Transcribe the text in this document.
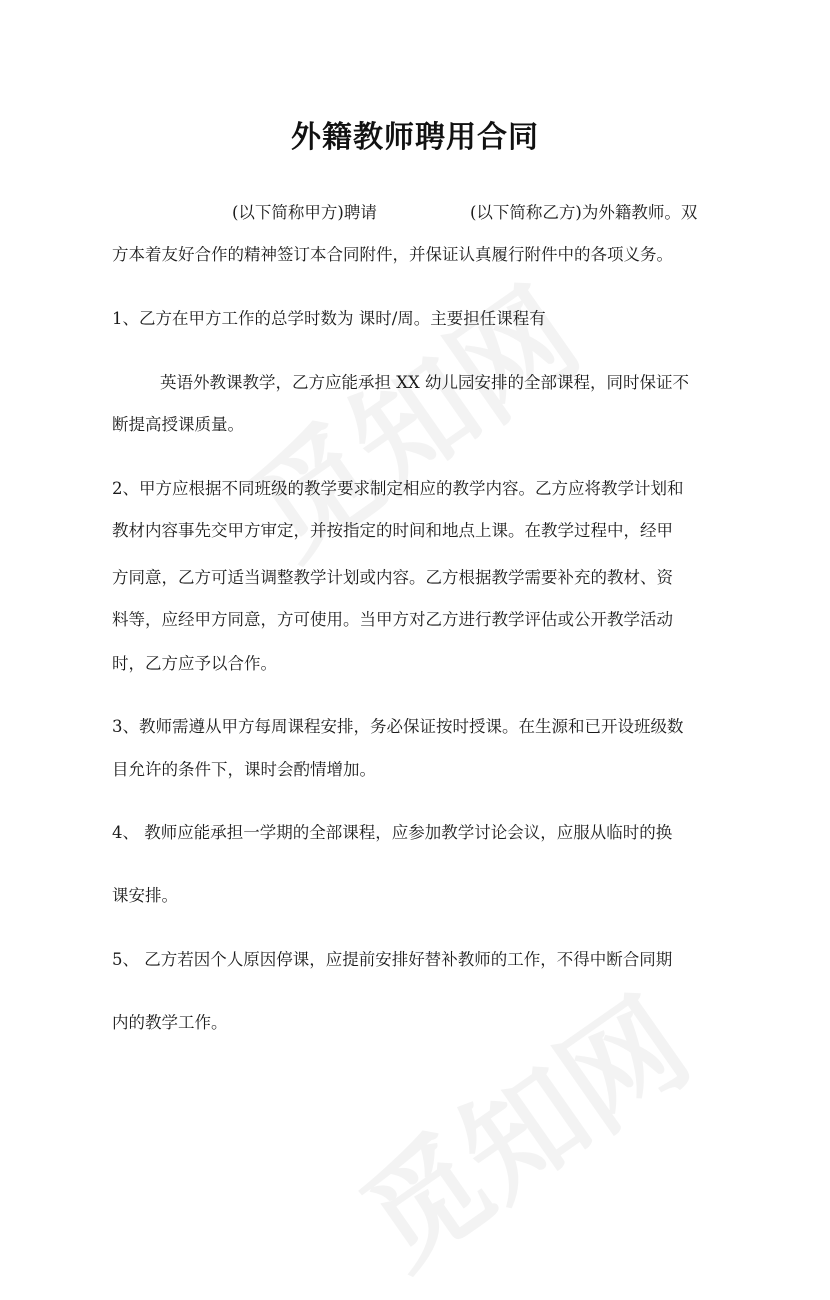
外籍教师聘用合同
(以下简称甲方)聘请	(以下简称乙方)为外籍教师。双
方本着友好合作的精神签订本合同附件，并保证认真履行附件中的各项义务。
1、乙方在甲方工作的总学时数为 课时/周。主要担任课程有
英语外教课教学，乙方应能承担 XX 幼儿园安排的全部课程，同时保证不
断提高授课质量。
2、甲方应根据不同班级的教学要求制定相应的教学内容。乙方应将教学计划和
教材内容事先交甲方审定，并按指定的时间和地点上课。在教学过程中，经甲
方同意，乙方可适当调整教学计划或内容。乙方根据教学需要补充的教材、资
料等，应经甲方同意，方可使用。当甲方对乙方进行教学评估或公开教学活动
时，乙方应予以合作。
3、教师需遵从甲方每周课程安排，务必保证按时授课。在生源和已开设班级数
目允许的条件下，课时会酌情增加。
4、 教师应能承担一学期的全部课程，应参加教学讨论会议，应服从临时的换
课安排。
5、 乙方若因个人原因停课，应提前安排好替补教师的工作，不得中断合同期
内的教学工作。
